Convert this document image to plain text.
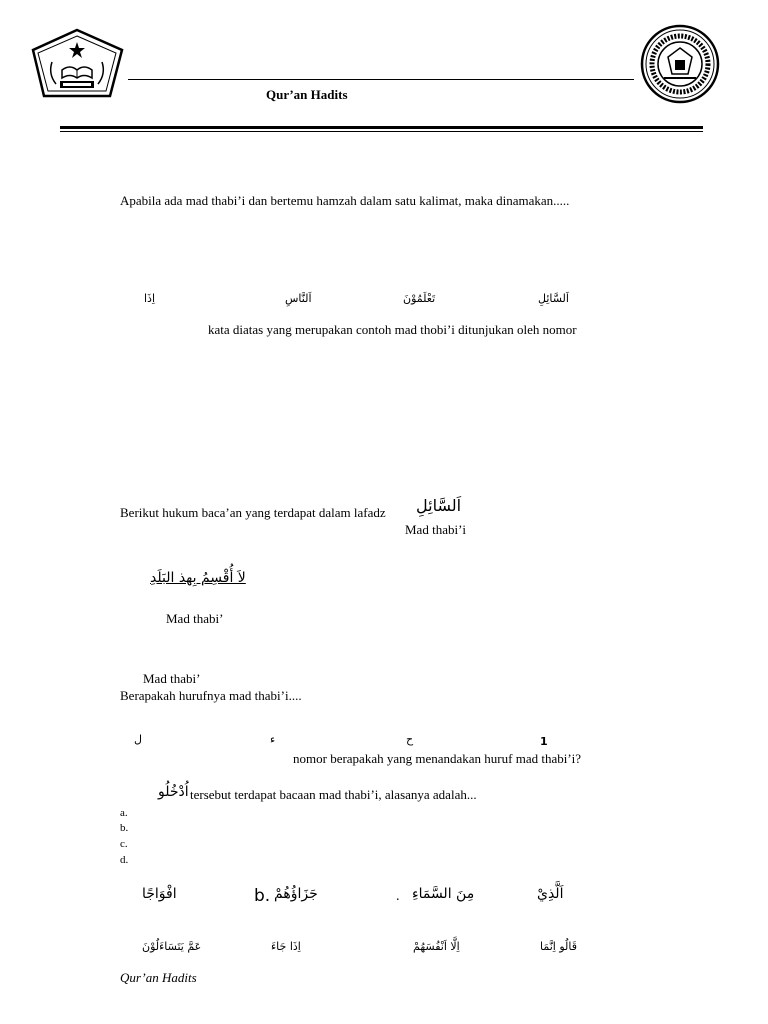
Qur’an Hadits
Apabila ada mad thabi’i dan bertemu hamzah dalam satu kalimat, maka dinamakan.....
اَلسَّائِلِ
تَعْلَمُوْنَ
اَلنَّاسِ
اِذَا
kata diatas yang merupakan contoh mad thobi’i ditunjukan oleh nomor
Berikut hukum baca’an yang terdapat dalam lafadz اَلسَّائِلِ
Mad thabi’i
لاَ أُقْسِمُ بِهذ البَلَدِ
Mad thabi’
Mad thabi’
Berapakah hurufnya mad thabi’i....
1
ح
ء
ل
nomor berapakah yang menandakan huruf mad thabi’i?
اُدْخُلُو tersebut terdapat bacaan mad thabi’i, alasanya adalah...
a.
b.
c.
d.
اَلَّذِيْ
. مِنَ السَّمَاءِ
b. جَزَاؤُهُمْ
افْوَاجًا
قَالُو اِنَّمَا
اِلَّا اَنْفُسَهُمْ
اِذَا جَاءَ
عَمَّ يَتَسَاءَلُوْنَ
Qur’an Hadits
